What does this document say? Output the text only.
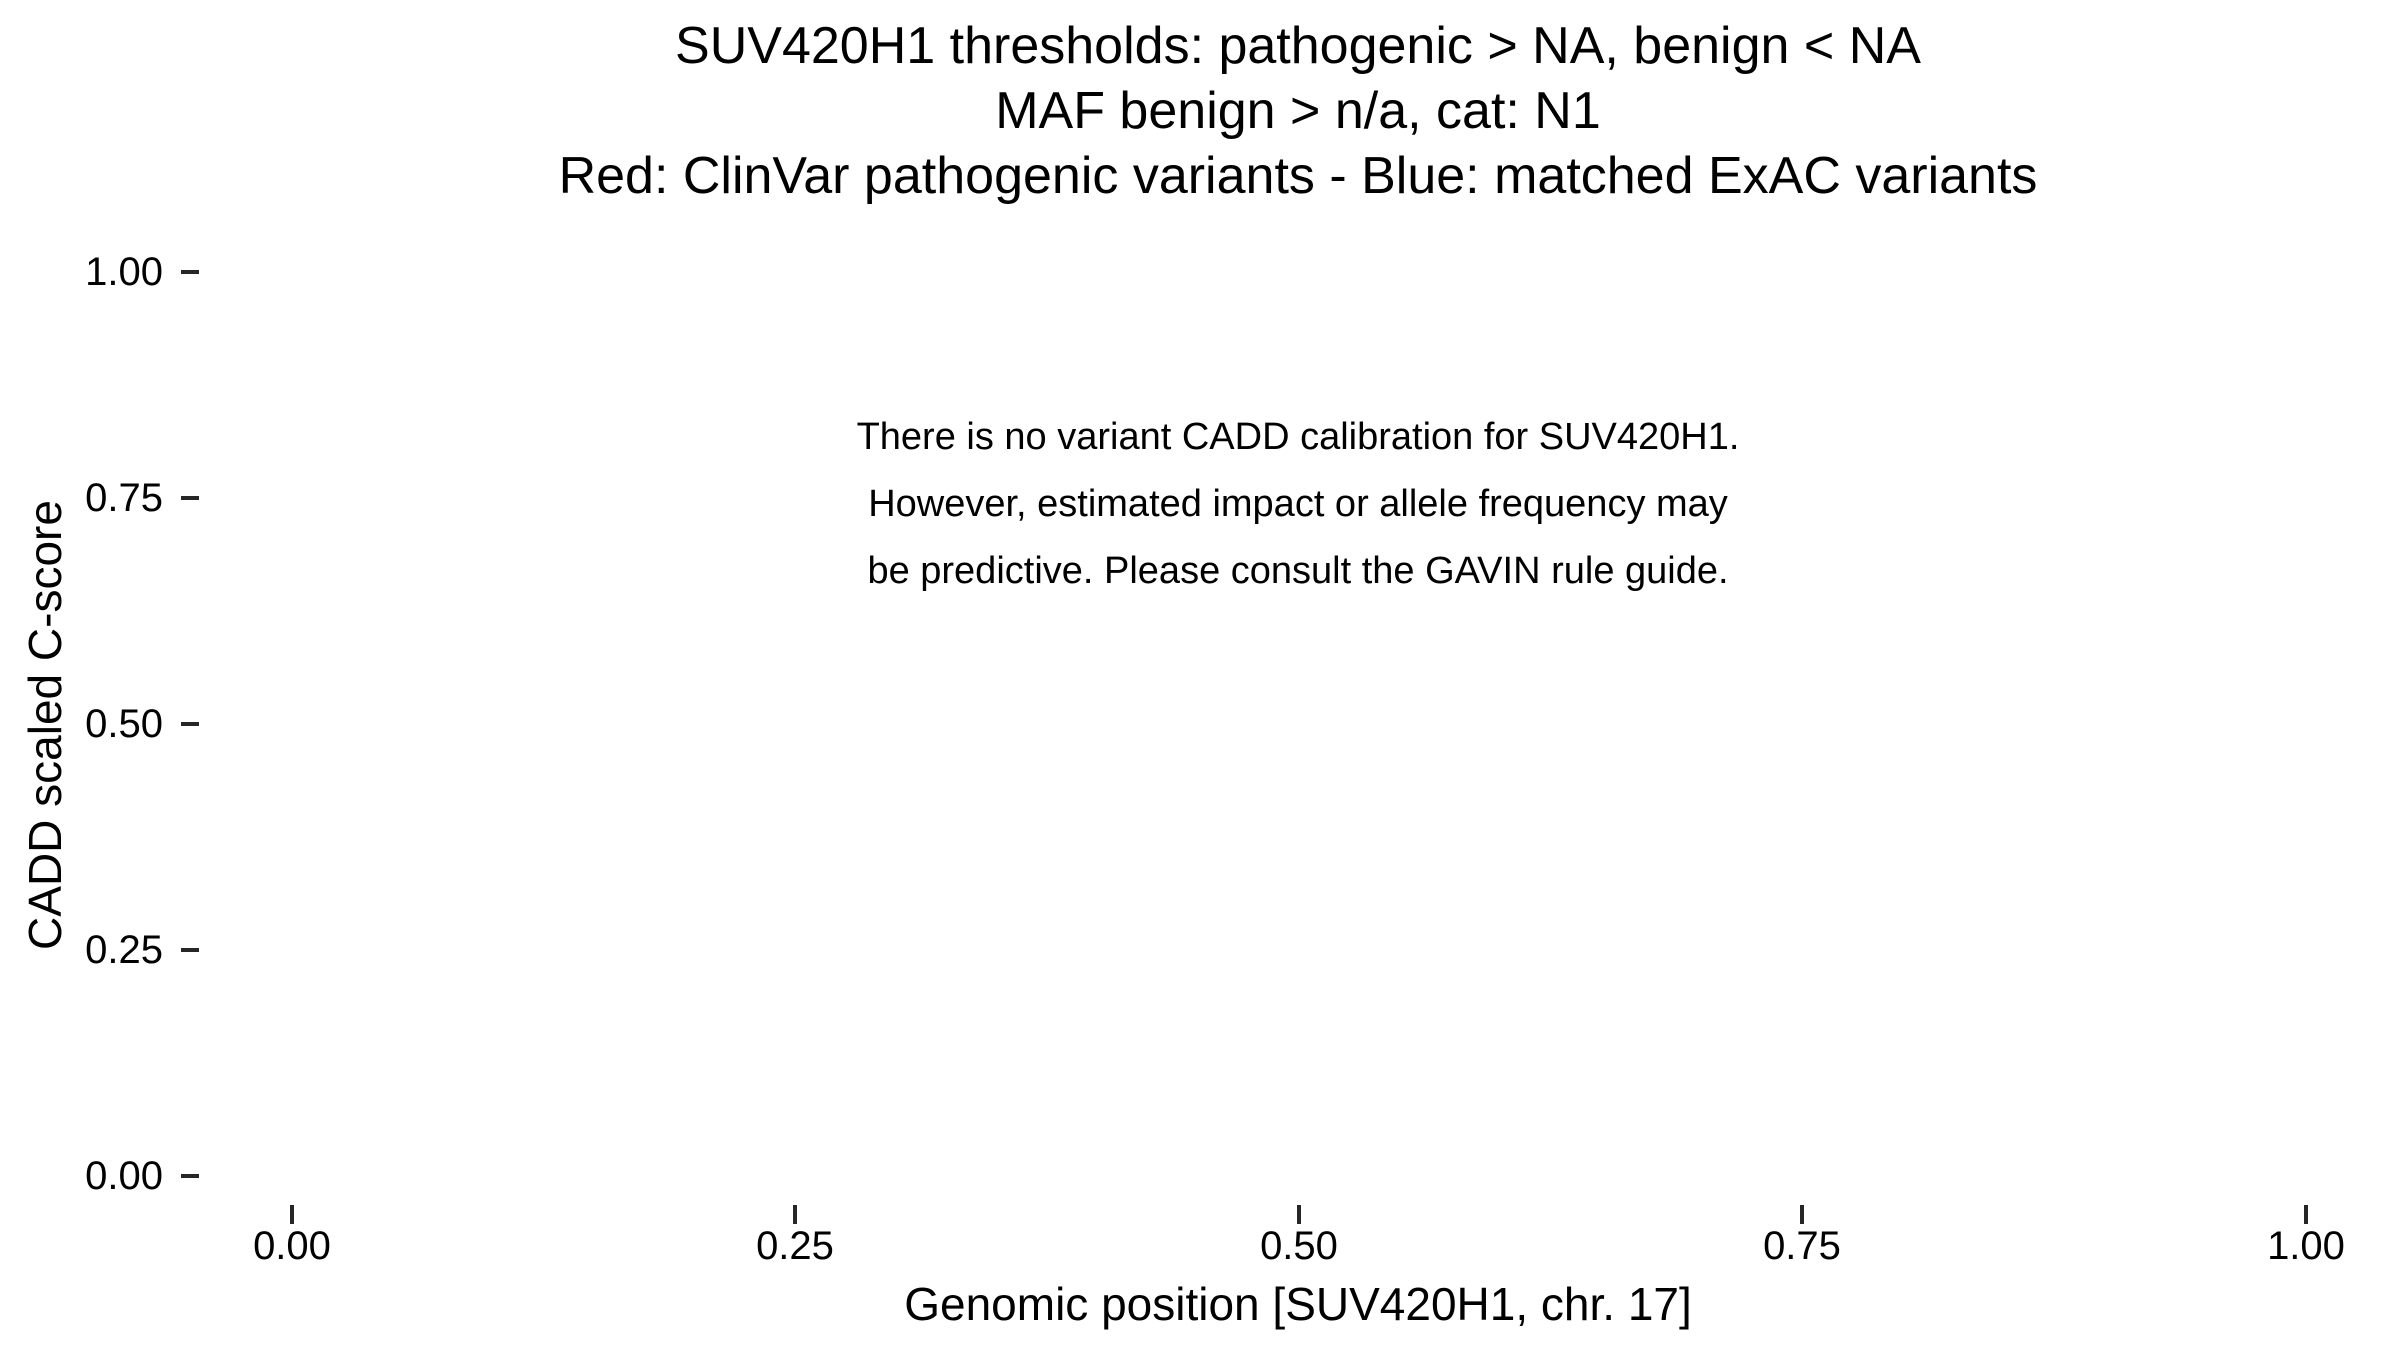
SUV420H1 thresholds: pathogenic > NA, benign < NA
MAF benign > n/a, cat: N1
Red: ClinVar pathogenic variants - Blue: matched ExAC variants
There is no variant CADD calibration for SUV420H1.
However, estimated impact or allele frequency may
be predictive. Please consult the GAVIN rule guide.
CADD scaled C-score
Genomic position [SUV420H1, chr. 17]
1.00
0.75
0.50
0.25
0.00
0.00	0.25	0.50	0.75	1.00
